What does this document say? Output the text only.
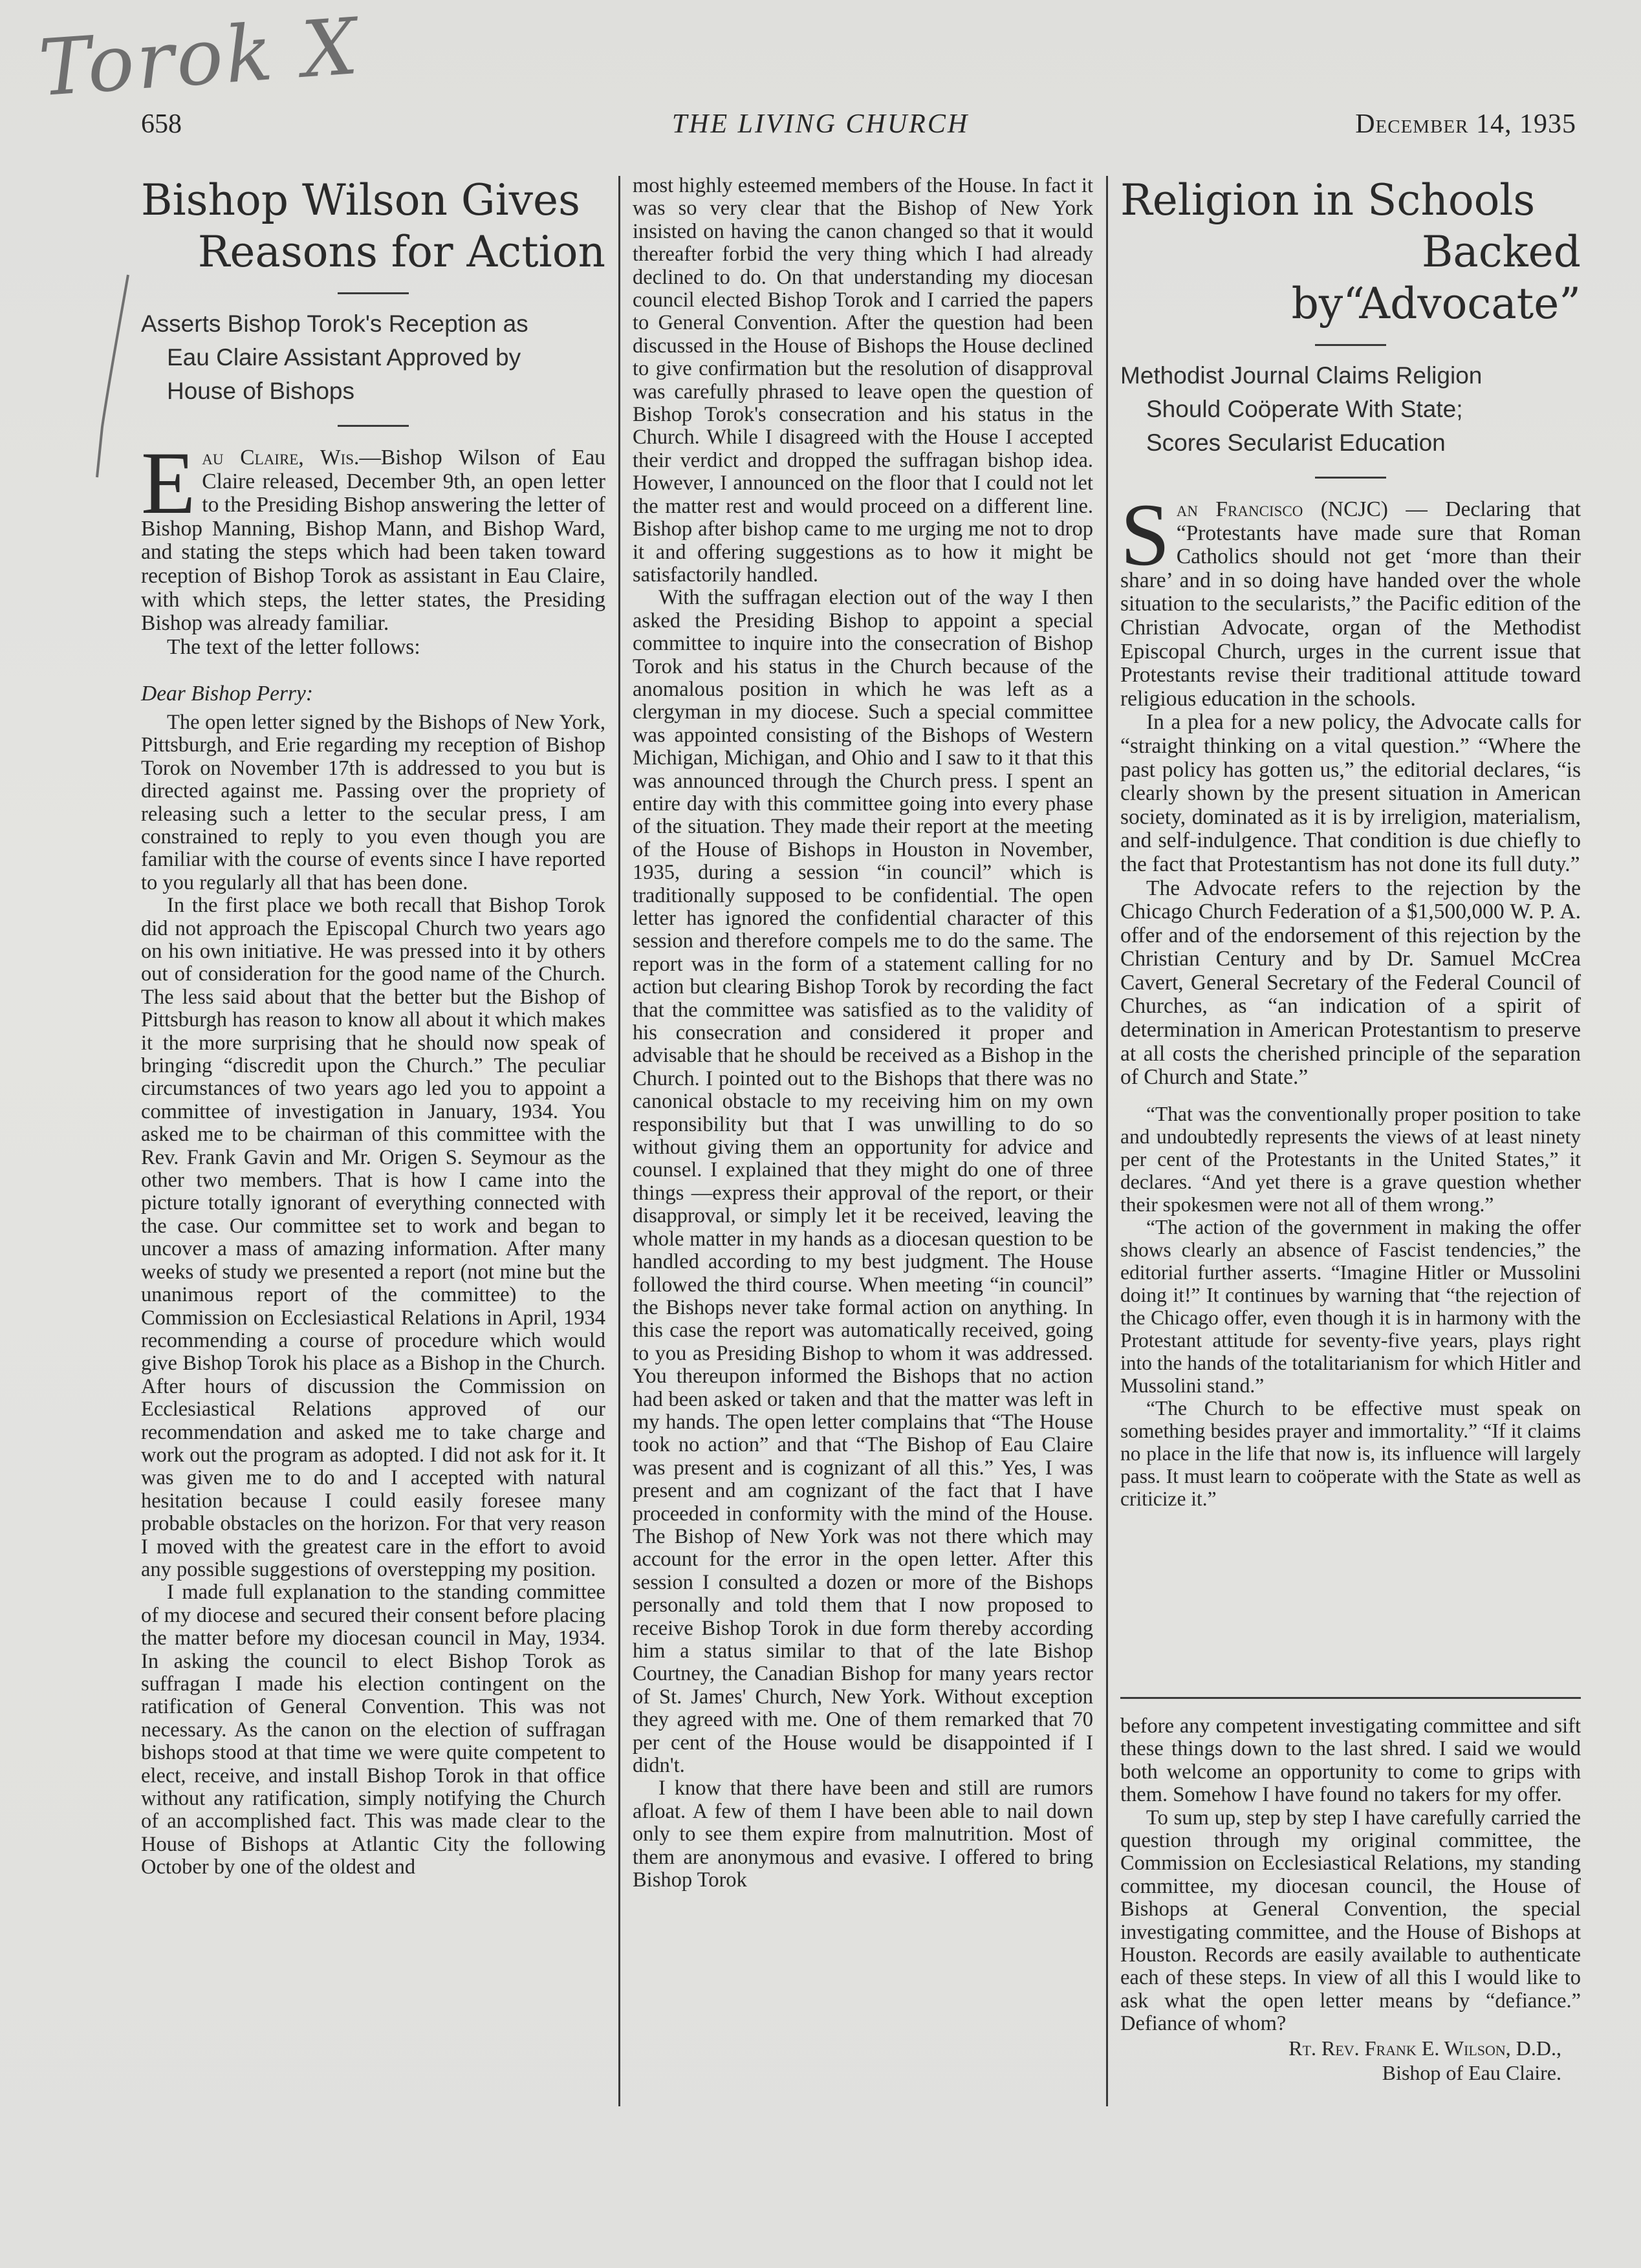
Torok X
658	THE LIVING CHURCH	December 14, 1935
Bishop Wilson Gives
Reasons for Action
Asserts Bishop Torok's Reception as
Eau Claire Assistant Approved by
House of Bishops

Eau Claire, Wis.—Bishop Wilson of Eau Claire released, December 9th, an open letter to the Presiding Bishop answering the letter of Bishop Manning, Bishop Mann, and Bishop Ward, and stating the steps which had been taken toward reception of Bishop Torok as assistant in Eau Claire, with which steps, the letter states, the Presiding Bishop was already familiar.

The text of the letter follows:

Dear Bishop Perry:

The open letter signed by the Bishops of New York, Pittsburgh, and Erie regarding my reception of Bishop Torok on November 17th is addressed to you but is directed against me. Passing over the propriety of releasing such a letter to the secular press, I am constrained to reply to you even though you are familiar with the course of events since I have reported to you regularly all that has been done.

In the first place we both recall that Bishop Torok did not approach the Episcopal Church two years ago on his own initiative. He was pressed into it by others out of consideration for the good name of the Church. The less said about that the better but the Bishop of Pittsburgh has reason to know all about it which makes it the more surprising that he should now speak of bringing “discredit upon the Church.” The peculiar circumstances of two years ago led you to appoint a committee of investigation in January, 1934. You asked me to be chairman of this committee with the Rev. Frank Gavin and Mr. Origen S. Seymour as the other two members. That is how I came into the picture totally ignorant of everything connected with the case. Our committee set to work and began to uncover a mass of amazing information. After many weeks of study we presented a report (not mine but the unanimous report of the committee) to the Commission on Ecclesiastical Relations in April, 1934 recommending a course of procedure which would give Bishop Torok his place as a Bishop in the Church. After hours of discussion the Commission on Ecclesiastical Relations approved of our recommendation and asked me to take charge and work out the program as adopted. I did not ask for it. It was given me to do and I accepted with natural hesitation because I could easily foresee many probable obstacles on the horizon. For that very reason I moved with the greatest care in the effort to avoid any possible suggestions of overstepping my position.

I made full explanation to the standing committee of my diocese and secured their consent before placing the matter before my diocesan council in May, 1934. In asking the council to elect Bishop Torok as suffragan I made his election contingent on the ratification of General Convention. This was not necessary. As the canon on the election of suffragan bishops stood at that time we were quite competent to elect, receive, and install Bishop Torok in that office without any ratification, simply notifying the Church of an accomplished fact. This was made clear to the House of Bishops at Atlantic City the following October by one of the oldest and

most highly esteemed members of the House. In fact it was so very clear that the Bishop of New York insisted on having the canon changed so that it would thereafter forbid the very thing which I had already declined to do. On that understanding my diocesan council elected Bishop Torok and I carried the papers to General Convention. After the question had been discussed in the House of Bishops the House declined to give confirmation but the resolution of disapproval was carefully phrased to leave open the question of Bishop Torok's consecration and his status in the Church. While I disagreed with the House I accepted their verdict and dropped the suffragan bishop idea. However, I announced on the floor that I could not let the matter rest and would proceed on a different line. Bishop after bishop came to me urging me not to drop it and offering suggestions as to how it might be satisfactorily handled.

With the suffragan election out of the way I then asked the Presiding Bishop to appoint a special committee to inquire into the consecration of Bishop Torok and his status in the Church because of the anomalous position in which he was left as a clergyman in my diocese. Such a special committee was appointed consisting of the Bishops of Western Michigan, Michigan, and Ohio and I saw to it that this was announced through the Church press. I spent an entire day with this committee going into every phase of the situation. They made their report at the meeting of the House of Bishops in Houston in November, 1935, during a session “in council” which is traditionally supposed to be confidential. The open letter has ignored the confidential character of this session and therefore compels me to do the same. The report was in the form of a statement calling for no action but clearing Bishop Torok by recording the fact that the committee was satisfied as to the validity of his consecration and considered it proper and advisable that he should be received as a Bishop in the Church. I pointed out to the Bishops that there was no canonical obstacle to my receiving him on my own responsibility but that I was unwilling to do so without giving them an opportunity for advice and counsel. I explained that they might do one of three things —express their approval of the report, or their disapproval, or simply let it be received, leaving the whole matter in my hands as a diocesan question to be handled according to my best judgment. The House followed the third course. When meeting “in council” the Bishops never take formal action on anything. In this case the report was automatically received, going to you as Presiding Bishop to whom it was addressed. You thereupon informed the Bishops that no action had been asked or taken and that the matter was left in my hands. The open letter complains that “The House took no action” and that “The Bishop of Eau Claire was present and is cognizant of all this.” Yes, I was present and am cognizant of the fact that I have proceeded in conformity with the mind of the House. The Bishop of New York was not there which may account for the error in the open letter. After this session I consulted a dozen or more of the Bishops personally and told them that I now proposed to receive Bishop Torok in due form thereby according him a status similar to that of the late Bishop Courtney, the Canadian Bishop for many years rector of St. James' Church, New York. Without exception they agreed with me. One of them remarked that 70 per cent of the House would be disappointed if I didn't.

I know that there have been and still are rumors afloat. A few of them I have been able to nail down only to see them expire from malnutrition. Most of them are anonymous and evasive. I offered to bring Bishop Torok

Religion in Schools
Backed by“Advocate”
Methodist Journal Claims Religion
Should Coöperate With State;
Scores Secularist Education

San Francisco (NCJC) — Declaring that “Protestants have made sure that Roman Catholics should not get ‘more than their share’ and in so doing have handed over the whole situation to the secularists,” the Pacific edition of the Christian Advocate, organ of the Methodist Episcopal Church, urges in the current issue that Protestants revise their traditional attitude toward religious education in the schools.

In a plea for a new policy, the Advocate calls for “straight thinking on a vital question.” “Where the past policy has gotten us,” the editorial declares, “is clearly shown by the present situation in American society, dominated as it is by irreligion, materialism, and self-indulgence. That condition is due chiefly to the fact that Protestantism has not done its full duty.”

The Advocate refers to the rejection by the Chicago Church Federation of a $1,500,000 W. P. A. offer and of the endorsement of this rejection by the Christian Century and by Dr. Samuel McCrea Cavert, General Secretary of the Federal Council of Churches, as “an indication of a spirit of determination in American Protestantism to preserve at all costs the cherished principle of the separation of Church and State.”

“That was the conventionally proper position to take and undoubtedly represents the views of at least ninety per cent of the Protestants in the United States,” it declares. “And yet there is a grave question whether their spokesmen were not all of them wrong.”

“The action of the government in making the offer shows clearly an absence of Fascist tendencies,” the editorial further asserts. “Imagine Hitler or Mussolini doing it!” It continues by warning that “the rejection of the Chicago offer, even though it is in harmony with the Protestant attitude for seventy-five years, plays right into the hands of the totalitarianism for which Hitler and Mussolini stand.”

“The Church to be effective must speak on something besides prayer and immortality.” “If it claims no place in the life that now is, its influence will largely pass. It must learn to coöperate with the State as well as criticize it.”

before any competent investigating committee and sift these things down to the last shred. I said we would both welcome an opportunity to come to grips with them. Somehow I have found no takers for my offer.

To sum up, step by step I have carefully carried the question through my original committee, the Commission on Ecclesiastical Relations, my standing committee, my diocesan council, the House of Bishops at General Convention, the special investigating committee, and the House of Bishops at Houston. Records are easily available to authenticate each of these steps. In view of all this I would like to ask what the open letter means by “defiance.” Defiance of whom?

Rt. Rev. Frank E. Wilson, D.D.,
Bishop of Eau Claire.
